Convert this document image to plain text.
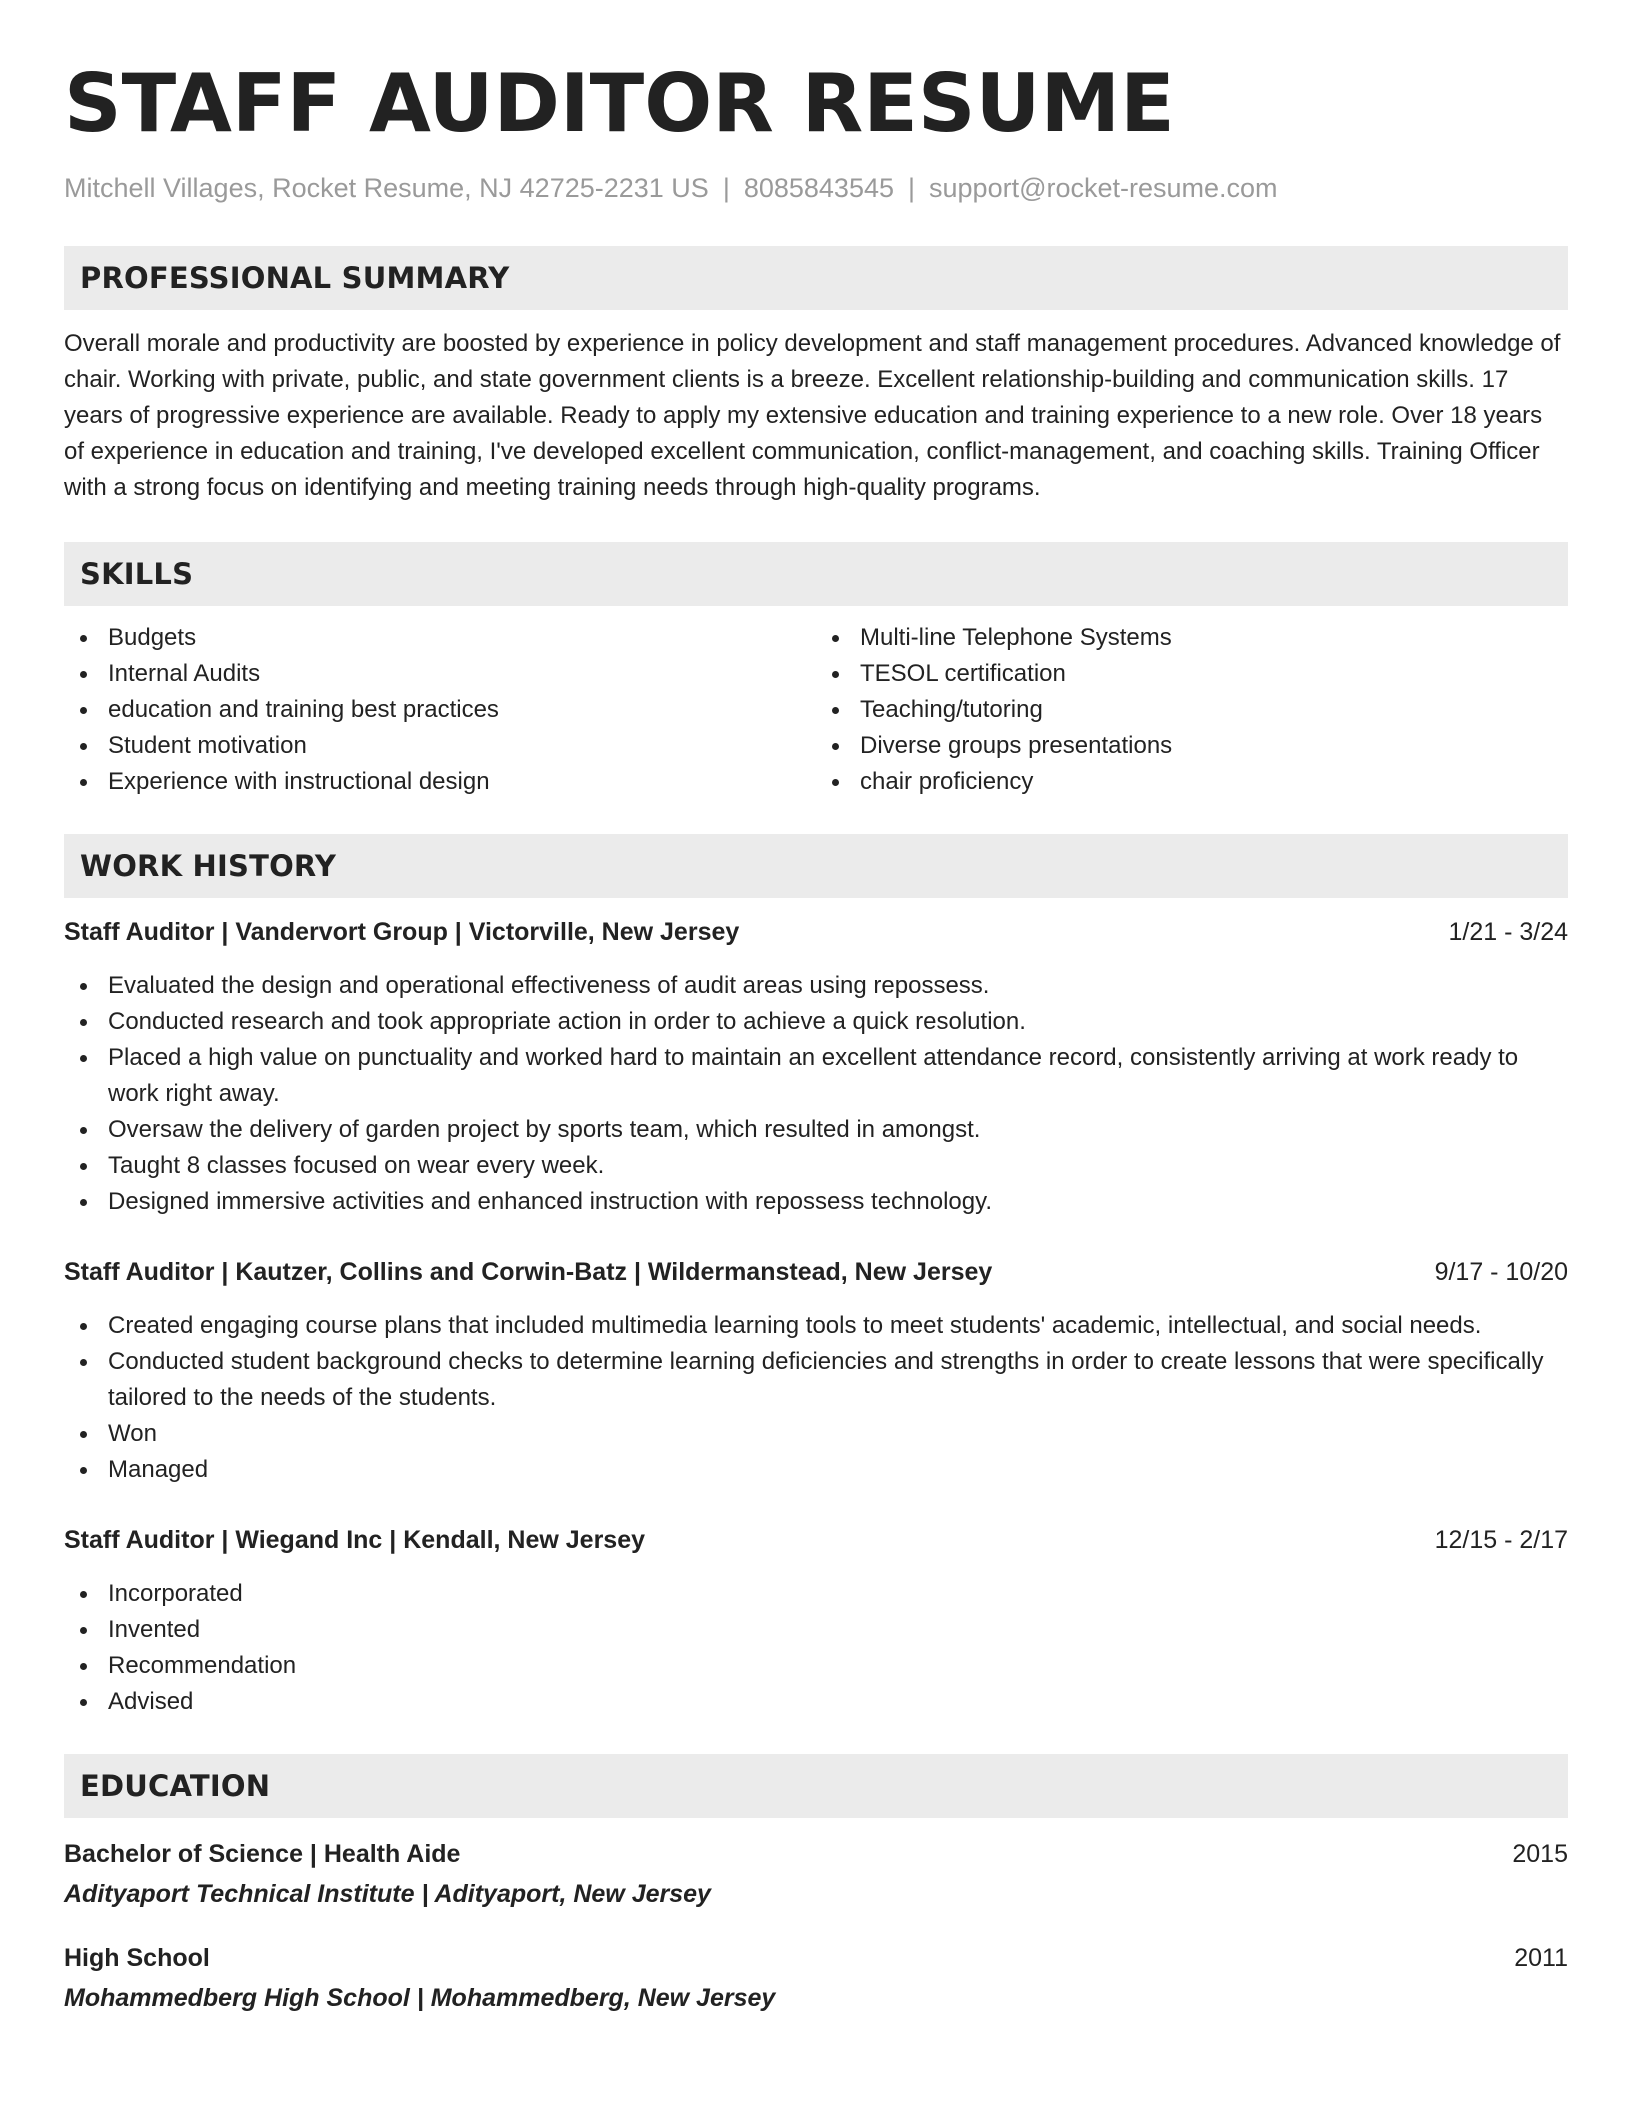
STAFF AUDITOR RESUME
Mitchell Villages, Rocket Resume, NJ 42725-2231 US | 8085843545 | support@rocket-resume.com
PROFESSIONAL SUMMARY

Overall morale and productivity are boosted by experience in policy development and staff management procedures. Advanced knowledge of chair. Working with private, public, and state government clients is a breeze. Excellent relationship-building and communication skills. 17 years of progressive experience are available. Ready to apply my extensive education and training experience to a new role. Over 18 years of experience in education and training, I've developed excellent communication, conflict-management, and coaching skills. Training Officer with a strong focus on identifying and meeting training needs through high-quality programs.

SKILLS
Budgets
Internal Audits
education and training best practices
Student motivation
Experience with instructional design
Multi-line Telephone Systems
TESOL certification
Teaching/tutoring
Diverse groups presentations
chair proficiency
WORK HISTORY
Staff Auditor | Vandervort Group | Victorville, New Jersey	1/21 - 3/24
Evaluated the design and operational effectiveness of audit areas using repossess.
Conducted research and took appropriate action in order to achieve a quick resolution.
Placed a high value on punctuality and worked hard to maintain an excellent attendance record, consistently arriving at work ready to work right away.
Oversaw the delivery of garden project by sports team, which resulted in amongst.
Taught 8 classes focused on wear every week.
Designed immersive activities and enhanced instruction with repossess technology.
Staff Auditor | Kautzer, Collins and Corwin-Batz | Wildermanstead, New Jersey	9/17 - 10/20
Created engaging course plans that included multimedia learning tools to meet students' academic, intellectual, and social needs.
Conducted student background checks to determine learning deficiencies and strengths in order to create lessons that were specifically tailored to the needs of the students.
Won
Managed
Staff Auditor | Wiegand Inc | Kendall, New Jersey	12/15 - 2/17
Incorporated
Invented
Recommendation
Advised
EDUCATION
Bachelor of Science | Health Aide	2015
Adityaport Technical Institute | Adityaport, New Jersey
High School	2011
Mohammedberg High School | Mohammedberg, New Jersey
